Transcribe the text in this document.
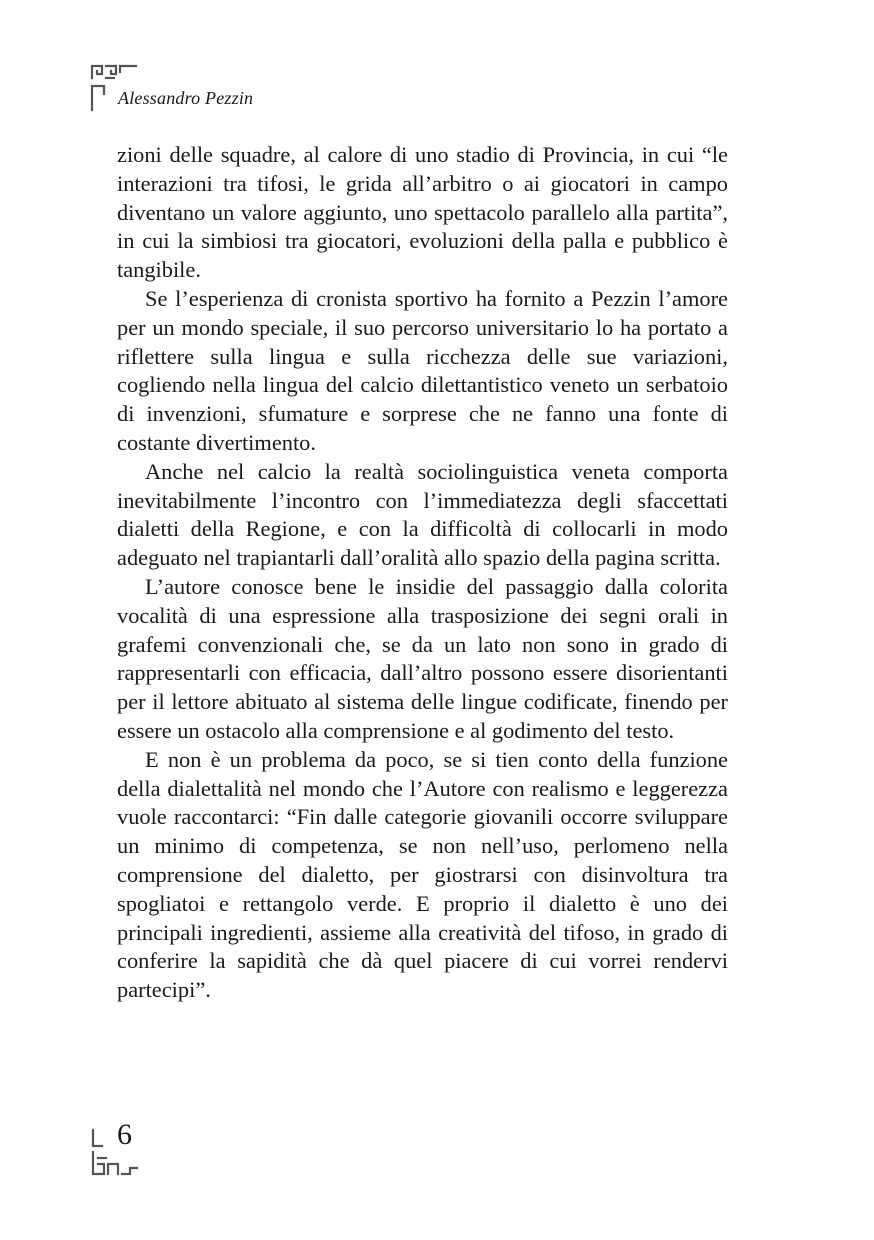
Alessandro Pezzin

zioni delle squadre, al calore di uno stadio di Provincia, in cui “le interazioni tra tifosi, le grida all’arbitro o ai giocatori in campo diventano un valore aggiunto, uno spettacolo parallelo alla partita”, in cui la simbiosi tra giocatori, evoluzioni della palla e pubblico è tangibile.

Se l’esperienza di cronista sportivo ha fornito a Pezzin l’amore per un mondo speciale, il suo percorso universitario lo ha portato a riflettere sulla lingua e sulla ricchezza delle sue variazioni, cogliendo nella lingua del calcio dilettantistico veneto un serbatoio di invenzioni, sfumature e sorprese che ne fanno una fonte di costante divertimento.

Anche nel calcio la realtà sociolinguistica veneta comporta inevitabilmente l’incontro con l’immediatezza degli sfaccettati dialetti della Regione, e con la difficoltà di collocarli in modo adeguato nel trapiantarli dall’oralità allo spazio della pagina scritta.

L’autore conosce bene le insidie del passaggio dalla colorita vocalità di una espressione alla trasposizione dei segni orali in grafemi convenzionali che, se da un lato non sono in grado di rappresentarli con efficacia, dall’altro possono essere disorientanti per il lettore abituato al sistema delle lingue codificate, finendo per essere un ostacolo alla comprensione e al godimento del testo.

E non è un problema da poco, se si tien conto della funzione della dialettalità nel mondo che l’Autore con realismo e leggerezza vuole raccontarci: “Fin dalle categorie giovanili occorre sviluppare un minimo di competenza, se non nell’uso, perlomeno nella comprensione del dialetto, per giostrarsi con disinvoltura tra spogliatoi e rettangolo verde. E proprio il dialetto è uno dei principali ingredienti, assieme alla creatività del tifoso, in grado di conferire la sapidità che dà quel piacere di cui vorrei rendervi partecipi”.

6
